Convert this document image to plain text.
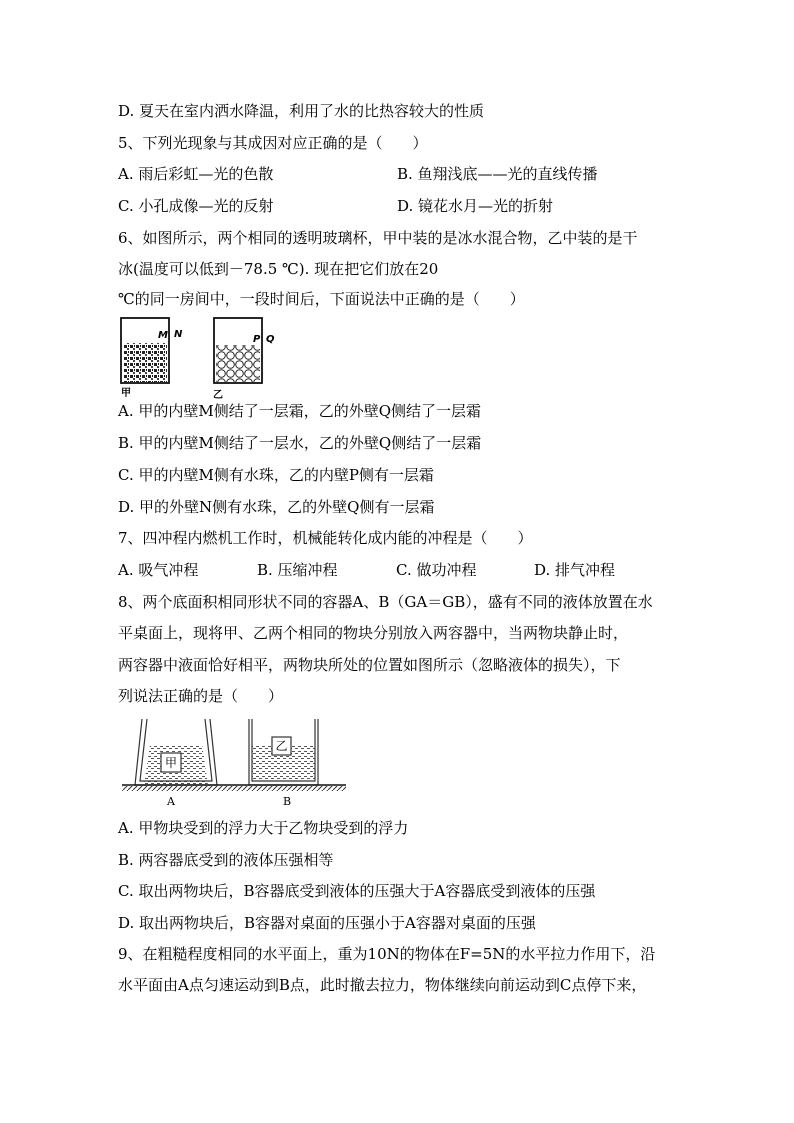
D. 夏天在室内洒水降温，利用了水的比热容较大的性质
5、下列光现象与其成因对应正确的是（　　）
A. 雨后彩虹—光的色散	B. 鱼翔浅底——光的直线传播
C. 小孔成像—光的反射	D. 镜花水月—光的折射
6、如图所示，两个相同的透明玻璃杯，甲中装的是冰水混合物，乙中装的是干
冰(温度可以低到－78.5 ℃). 现在把它们放在20
℃的同一房间中，一段时间后，下面说法中正确的是（　　）
M N
甲
P Q
乙
A. 甲的内壁M侧结了一层霜，乙的外壁Q侧结了一层霜
B. 甲的内壁M侧结了一层水，乙的外壁Q侧结了一层霜
C. 甲的内壁M侧有水珠，乙的内壁P侧有一层霜
D. 甲的外壁N侧有水珠，乙的外壁Q侧有一层霜
7、四冲程内燃机工作时，机械能转化成内能的冲程是（　　）
A. 吸气冲程	B. 压缩冲程	C. 做功冲程	D. 排气冲程
8、两个底面积相同形状不同的容器A、B（GA＝GB），盛有不同的液体放置在水
平桌面上，现将甲、乙两个相同的物块分别放入两容器中，当两物块静止时，
两容器中液面恰好相平，两物块所处的位置如图所示（忽略液体的损失），下
列说法正确的是（　　）
甲
乙
A	B
A. 甲物块受到的浮力大于乙物块受到的浮力
B. 两容器底受到的液体压强相等
C. 取出两物块后，B容器底受到液体的压强大于A容器底受到液体的压强
D. 取出两物块后，B容器对桌面的压强小于A容器对桌面的压强
9、在粗糙程度相同的水平面上，重为10N的物体在F=5N的水平拉力作用下，沿
水平面由A点匀速运动到B点，此时撤去拉力，物体继续向前运动到C点停下来，
